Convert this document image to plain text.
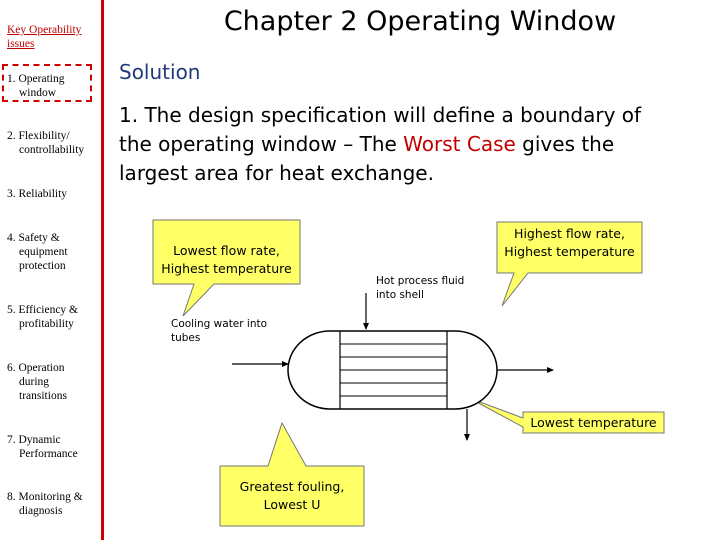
Key Operability issues
1. Operating
window
2. Flexibility/
controllability
3. Reliability
4. Safety &
equipment
protection
5. Efficiency &
profitability
6. Operation
during
transitions
7. Dynamic
Performance
8. Monitoring &
diagnosis
Chapter 2 Operating Window
Solution
1. The design specification will define a boundary of the operating window – The Worst Case gives the largest area for heat exchange.
Lowest flow rate,
Highest temperature
Highest flow rate,
Highest temperature
Greatest fouling,
Lowest U
Lowest temperature
Hot process fluid
into shell
Cooling water into
tubes
